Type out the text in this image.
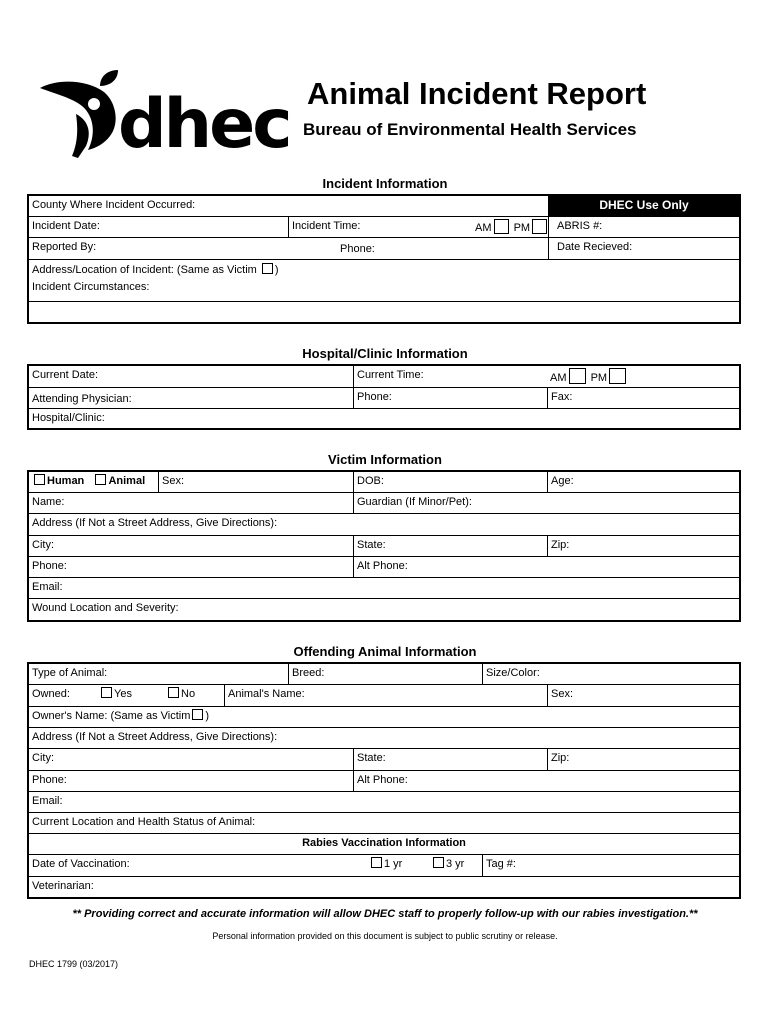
dhec Animal Incident Report
Bureau of Environmental Health Services
Incident Information
County Where Incident Occurred:	DHEC Use Only
Incident Date:	Incident Time:	AM PM	ABRIS #:
Reported By:	Phone:	Date Recieved:
Address/Location of Incident: (Same as Victim )
Incident Circumstances:
Hospital/Clinic Information
Current Date:	Current Time:	AM PM
Attending Physician:	Phone:	Fax:
Hospital/Clinic:
Victim Information
Human Animal	Sex:	DOB:	Age:
Name:	Guardian (If Minor/Pet):
Address (If Not a Street Address, Give Directions):
City:	State:	Zip:
Phone:	Alt Phone:
Email:
Wound Location and Severity:
Offending Animal Information
Type of Animal:	Breed:	Size/Color:
Owned:	Yes	No	Animal's Name:	Sex:
Owner's Name: (Same as Victim )
Address (If Not a Street Address, Give Directions):
City:	State:	Zip:
Phone:	Alt Phone:
Email:
Current Location and Health Status of Animal:
Rabies Vaccination Information
Date of Vaccination:	1 yr	3 yr	Tag #:
Veterinarian:
** Providing correct and accurate information will allow DHEC staff to properly follow-up with our rabies investigation.**
Personal information provided on this document is subject to public scrutiny or release.
DHEC 1799 (03/2017)
